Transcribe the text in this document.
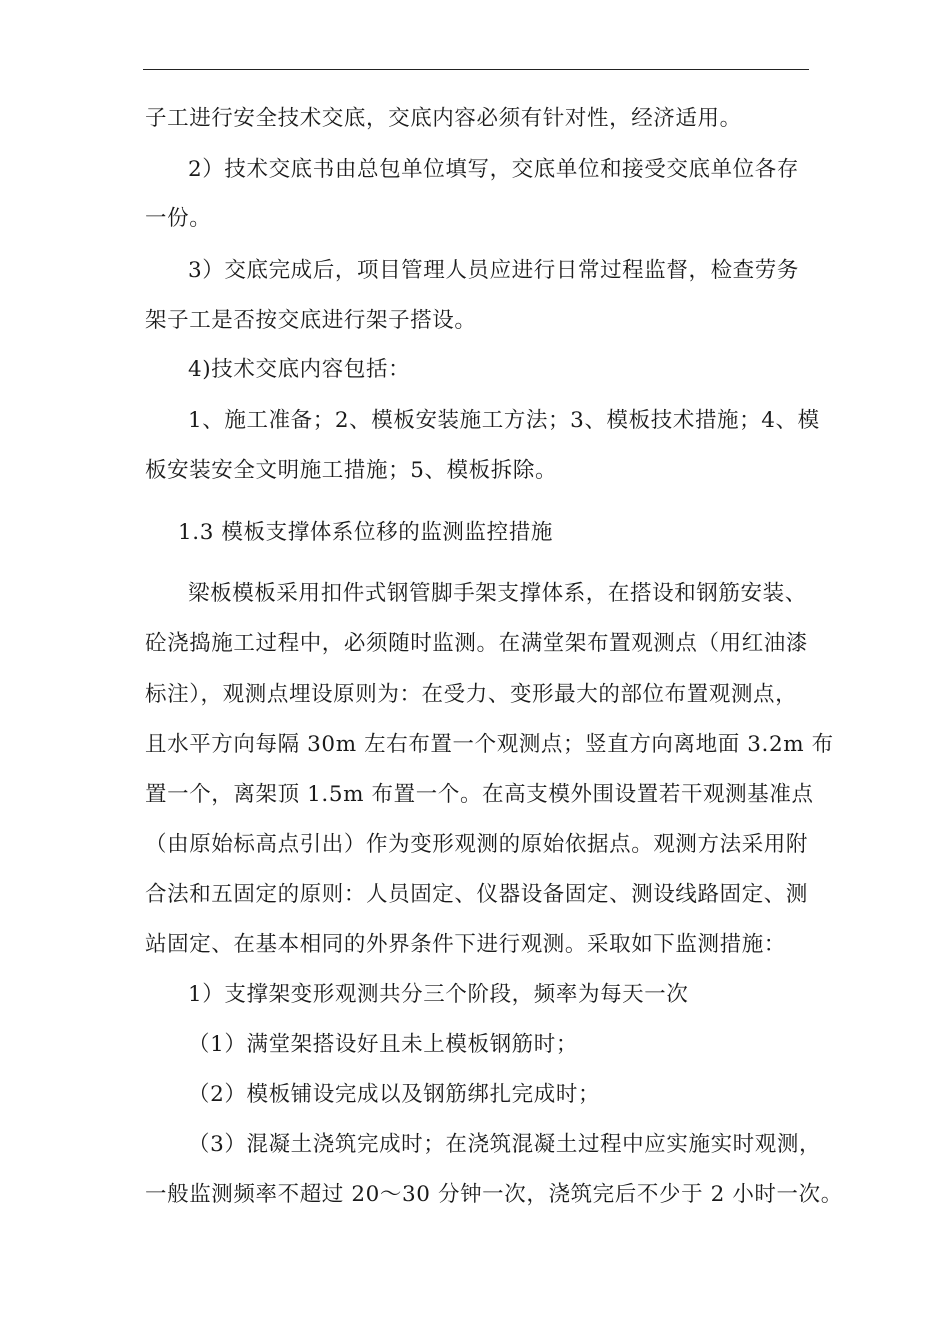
子工进行安全技术交底，交底内容必须有针对性，经济适用。
2）技术交底书由总包单位填写，交底单位和接受交底单位各存
一份。
3）交底完成后，项目管理人员应进行日常过程监督，检查劳务
架子工是否按交底进行架子搭设。
4)技术交底内容包括：
1、施工准备；2、模板安装施工方法；3、模板技术措施；4、模
板安装安全文明施工措施；5、模板拆除。
1.3 模板支撑体系位移的监测监控措施
梁板模板采用扣件式钢管脚手架支撑体系，在搭设和钢筋安装、
砼浇捣施工过程中，必须随时监测。在满堂架布置观测点（用红油漆
标注），观测点埋设原则为：在受力、变形最大的部位布置观测点，
且水平方向每隔 30m 左右布置一个观测点；竖直方向离地面 3.2m 布
置一个，离架顶 1.5m 布置一个。在高支模外围设置若干观测基准点
（由原始标高点引出）作为变形观测的原始依据点。观测方法采用附
合法和五固定的原则：人员固定、仪器设备固定、测设线路固定、测
站固定、在基本相同的外界条件下进行观测。采取如下监测措施：
1）支撑架变形观测共分三个阶段，频率为每天一次
（1）满堂架搭设好且未上模板钢筋时；
（2）模板铺设完成以及钢筋绑扎完成时；
（3）混凝土浇筑完成时；在浇筑混凝土过程中应实施实时观测，
一般监测频率不超过 20～30 分钟一次，浇筑完后不少于 2 小时一次。
